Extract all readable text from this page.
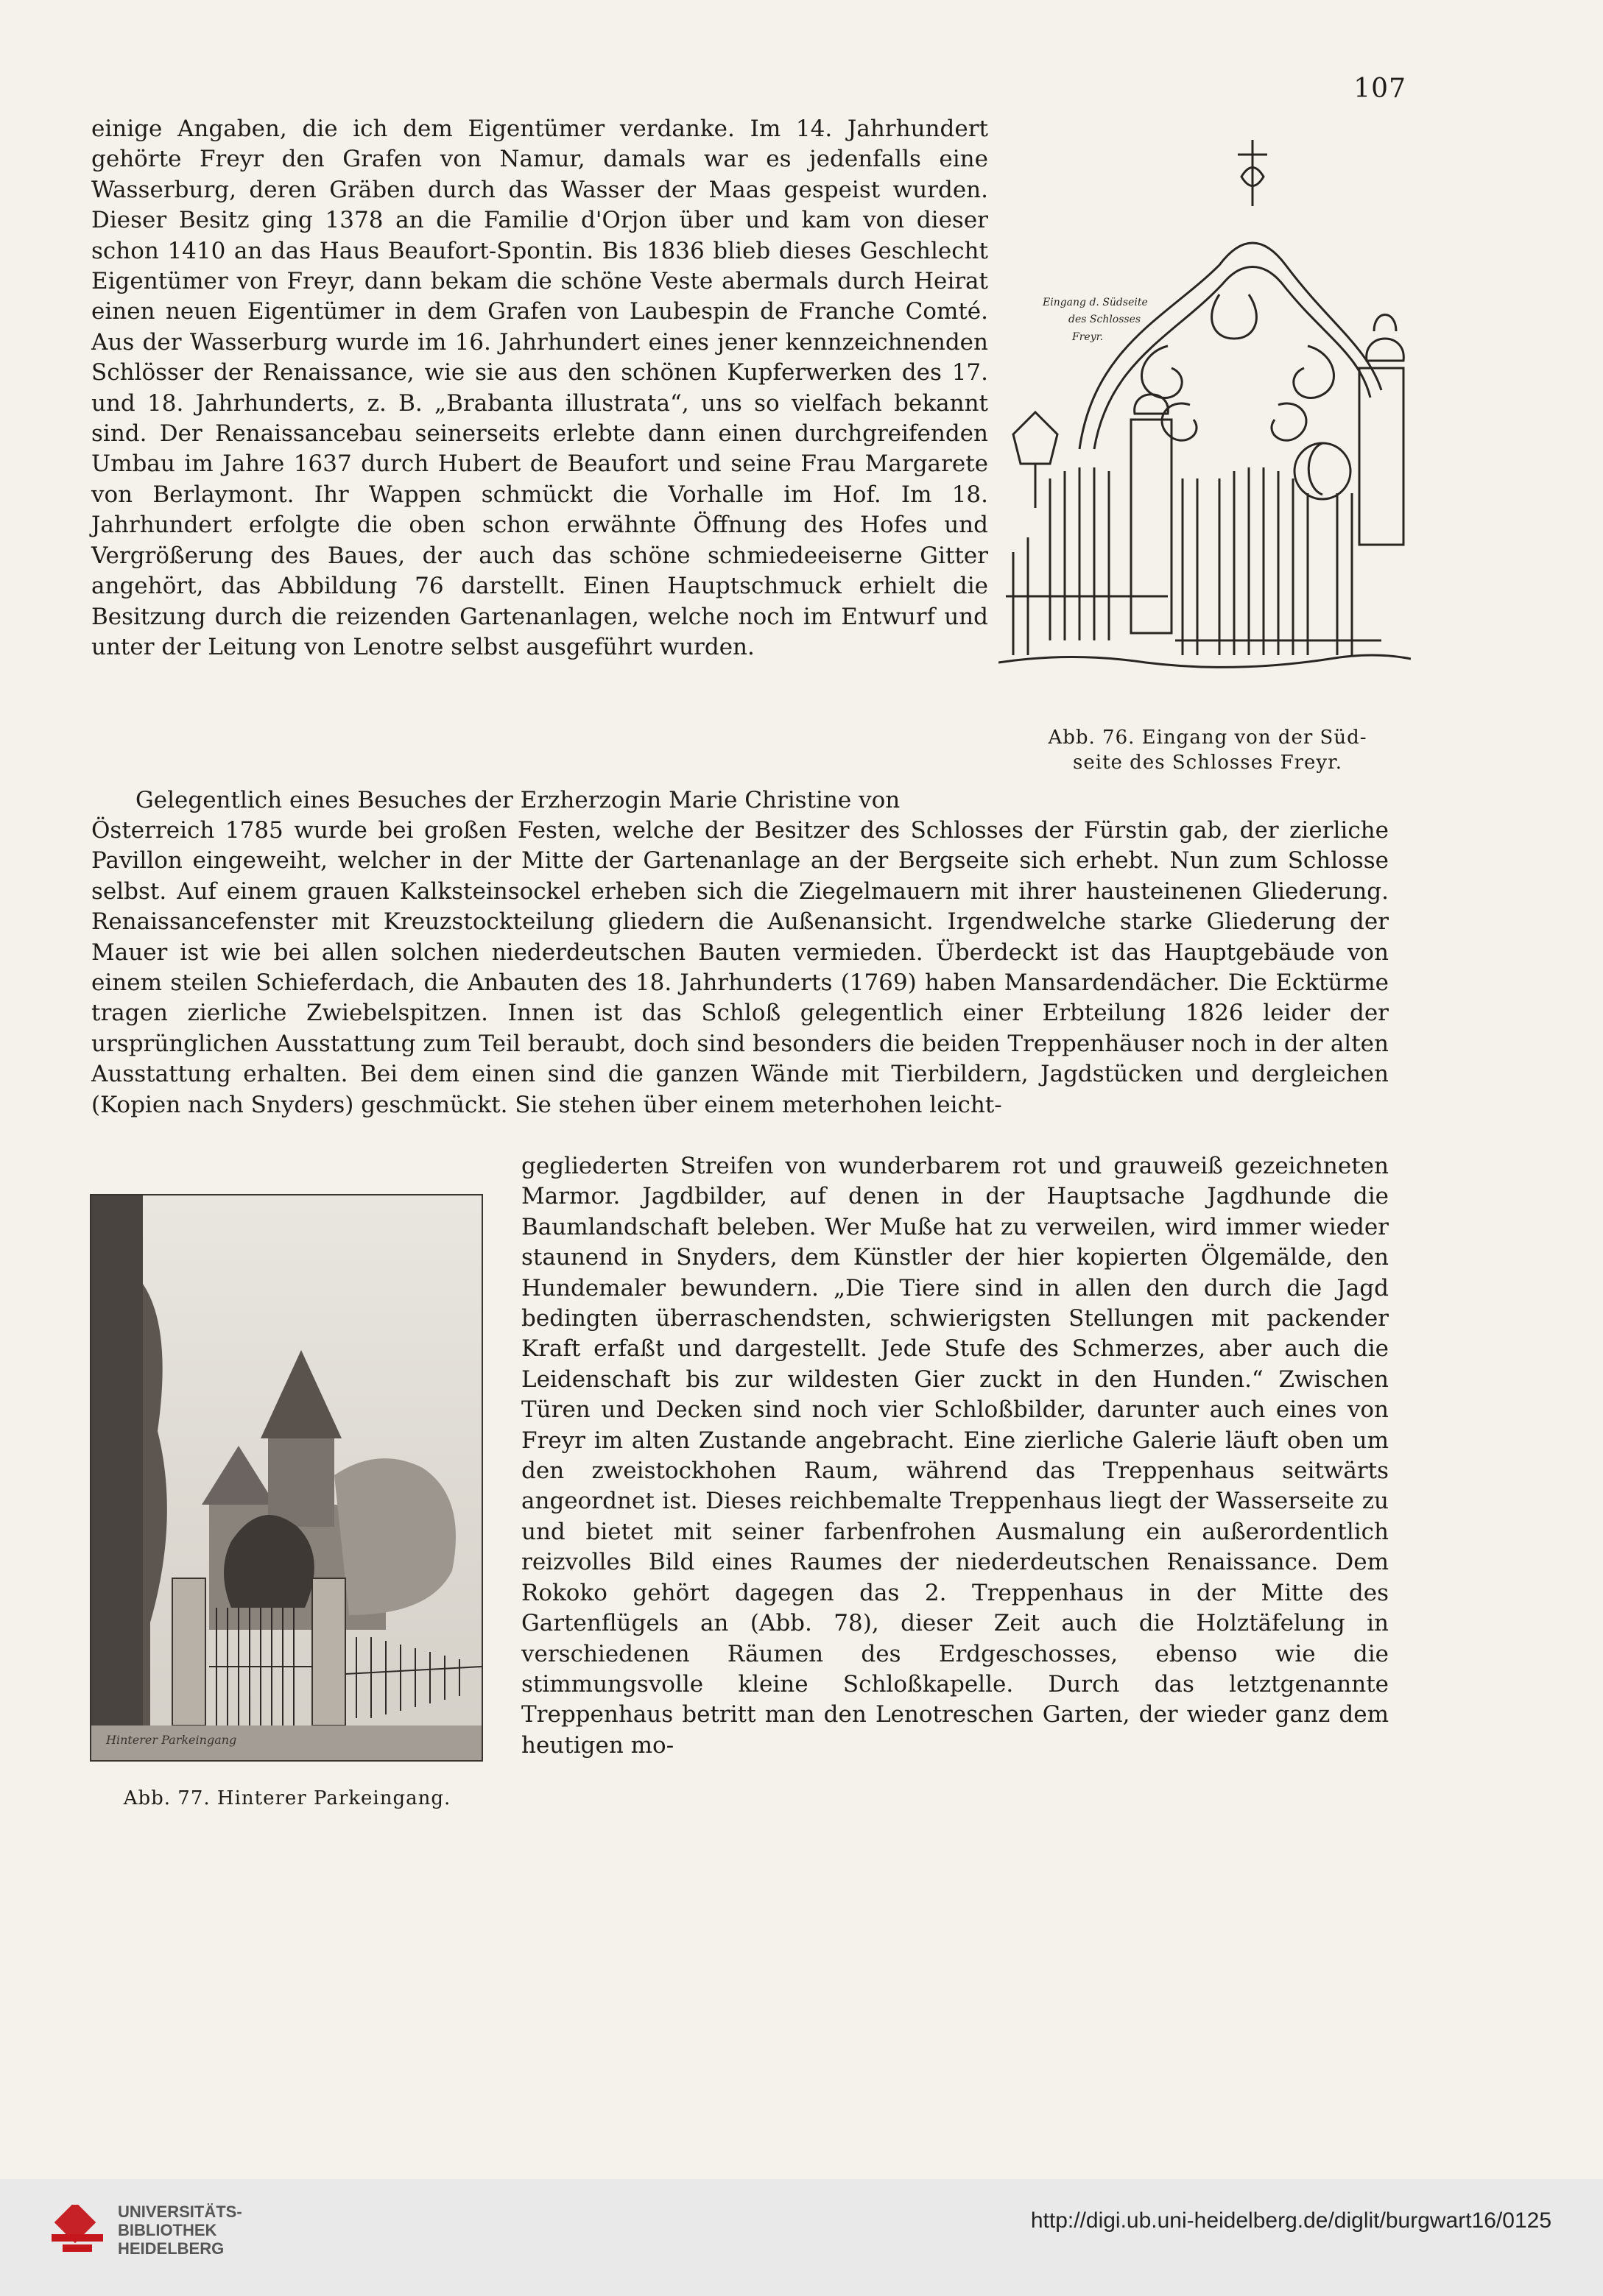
107

einige Angaben, die ich dem Eigentümer verdanke. Im 14. Jahrhundert gehörte Freyr den Grafen von Namur, damals war es jedenfalls eine Wasserburg, deren Gräben durch das Wasser der Maas gespeist wurden. Dieser Besitz ging 1378 an die Familie d'Orjon über und kam von dieser schon 1410 an das Haus Beaufort-Spontin. Bis 1836 blieb dieses Geschlecht Eigentümer von Freyr, dann bekam die schöne Veste abermals durch Heirat einen neuen Eigentümer in dem Grafen von Laubespin de Franche Comté. Aus der Wasserburg wurde im 16. Jahrhundert eines jener kennzeichnenden Schlösser der Renaissance, wie sie aus den schönen Kupferwerken des 17. und 18. Jahrhunderts, z. B. „Brabanta illustrata“, uns so vielfach bekannt sind. Der Renaissancebau seinerseits erlebte dann einen durchgreifenden Umbau im Jahre 1637 durch Hubert de Beaufort und seine Frau Margarete von Berlaymont. Ihr Wappen schmückt die Vorhalle im Hof. Im 18. Jahrhundert erfolgte die oben schon erwähnte Öffnung des Hofes und Vergrößerung des Baues, der auch das schöne schmiedeeiserne Gitter angehört, das Abbildung 76 darstellt. Einen Hauptschmuck erhielt die Besitzung durch die reizenden Gartenanlagen, welche noch im Entwurf und unter der Leitung von Lenotre selbst ausgeführt wurden.

Gelegentlich eines Besuches der Erzherzogin Marie Christine von

Österreich 1785 wurde bei großen Festen, welche der Besitzer des Schlosses der Fürstin gab, der zierliche Pavillon eingeweiht, welcher in der Mitte der Gartenanlage an der Bergseite sich erhebt. Nun zum Schlosse selbst. Auf einem grauen Kalksteinsockel erheben sich die Ziegelmauern mit ihrer hausteinenen Gliederung. Renaissancefenster mit Kreuzstockteilung gliedern die Außenansicht. Irgendwelche starke Gliederung der Mauer ist wie bei allen solchen niederdeutschen Bauten vermieden. Überdeckt ist das Hauptgebäude von einem steilen Schieferdach, die Anbauten des 18. Jahrhunderts (1769) haben Mansardendächer. Die Ecktürme tragen zierliche Zwiebelspitzen. Innen ist das Schloß gelegentlich einer Erbteilung 1826 leider der ursprünglichen Ausstattung zum Teil beraubt, doch sind besonders die beiden Treppenhäuser noch in der alten Ausstattung erhalten. Bei dem einen sind die ganzen Wände mit Tierbildern, Jagdstücken und dergleichen (Kopien nach Snyders) geschmückt. Sie stehen über einem meterhohen leicht-

gegliederten Streifen von wunderbarem rot und grauweiß gezeichneten Marmor. Jagdbilder, auf denen in der Hauptsache Jagdhunde die Baumlandschaft beleben. Wer Muße hat zu verweilen, wird immer wieder staunend in Snyders, dem Künstler der hier kopierten Ölgemälde, den Hundemaler bewundern. „Die Tiere sind in allen den durch die Jagd bedingten überraschendsten, schwierigsten Stellungen mit packender Kraft erfaßt und dargestellt. Jede Stufe des Schmerzes, aber auch die Leidenschaft bis zur wildesten Gier zuckt in den Hunden.“ Zwischen Türen und Decken sind noch vier Schloßbilder, darunter auch eines von Freyr im alten Zustande angebracht. Eine zierliche Galerie läuft oben um den zweistockhohen Raum, während das Treppenhaus seitwärts angeordnet ist. Dieses reichbemalte Treppenhaus liegt der Wasserseite zu und bietet mit seiner farbenfrohen Ausmalung ein außerordentlich reizvolles Bild eines Raumes der niederdeutschen Renaissance. Dem Rokoko gehört dagegen das 2. Treppenhaus in der Mitte des Gartenflügels an (Abb. 78), dieser Zeit auch die Holztäfelung in verschiedenen Räumen des Erdgeschosses, ebenso wie die stimmungsvolle kleine Schloßkapelle. Durch das letztgenannte Treppenhaus betritt man den Lenotreschen Garten, der wieder ganz dem heutigen mo-

Eingang d. Südseite
des Schlosses
Freyr.
Abb. 76. Eingang von der Süd-
seite des Schlosses Freyr.
Hinterer Parkeingang
Abb. 77. Hinterer Parkeingang.
UNIVERSITÄTS-
BIBLIOTHEK
HEIDELBERG
http://digi.ub.uni-heidelberg.de/diglit/burgwart16/0125
